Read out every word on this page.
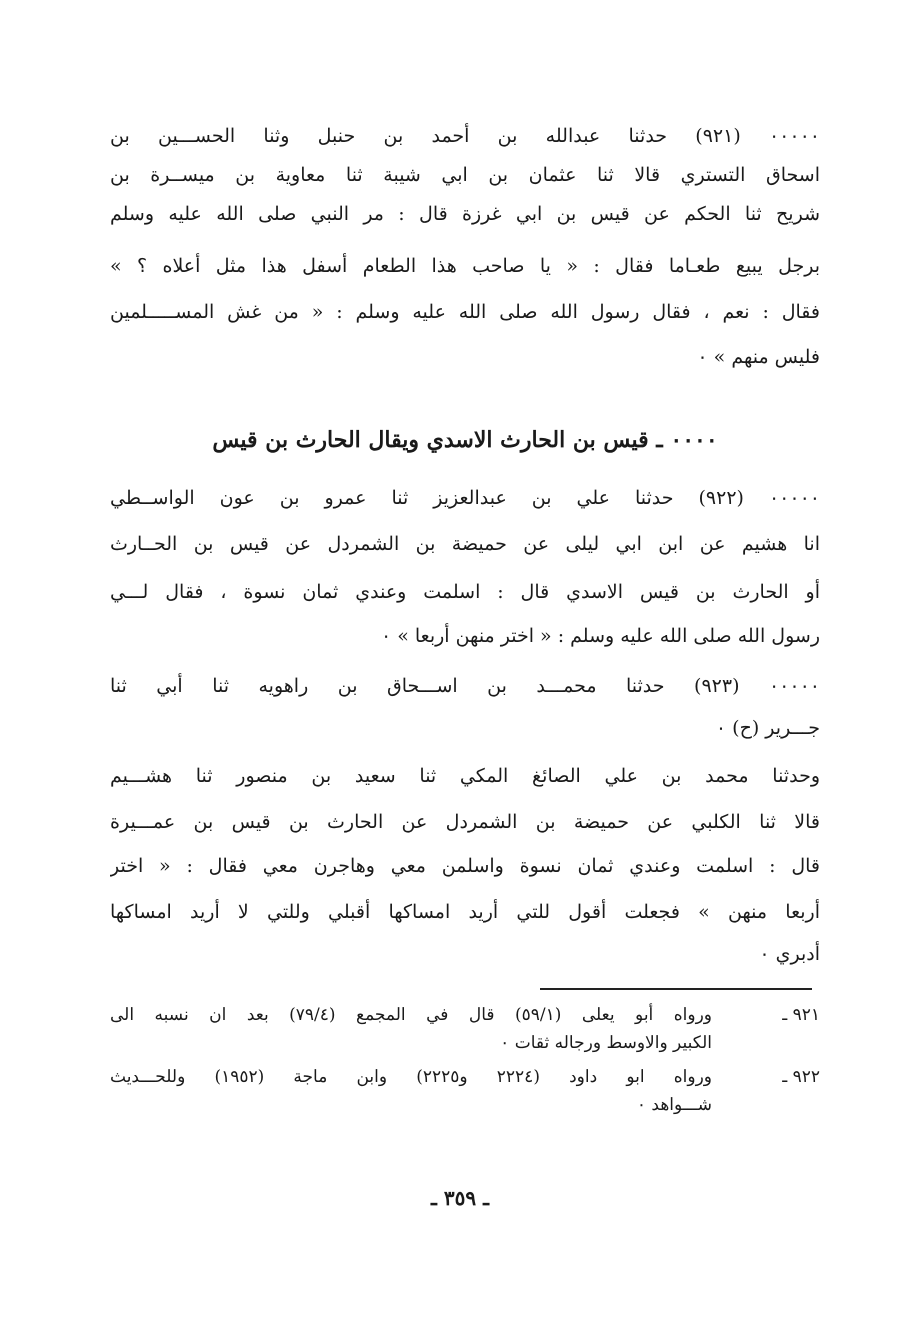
٠٠٠٠٠ (٩٢١) حدثنا عبدالله بن أحمد بن حنبل وثنا الحســـين بن
اسحاق التستري قالا ثنا عثمان بن ابي شيبة ثنا معاوية بن ميســرة بن
شريح ثنا الحكم عن قيس بن ابي غرزة قال : مر النبي صلى الله عليه وسلم
برجل يبيع طعـاما فقال : « يا صاحب هذا الطعام أسفل هذا مثل أعلاه ؟ »
فقال : نعم ، فقال رسول الله صلى الله عليه وسلم : « من غش المســـــلمين
فليس منهم » ٠
٠٠٠٠ ـ قيس بن الحارث الاسدي ويقال الحارث بن قيس
٠٠٠٠٠ (٩٢٢) حدثنا علي بن عبدالعزيز ثنا عمرو بن عون الواســطي
انا هشيم عن ابن ابي ليلى عن حميضة بن الشمردل عن قيس بن الحــارث
أو الحارث بن قيس الاسدي قال : اسلمت وعندي ثمان نسوة ، فقال لـــي
رسول الله صلى الله عليه وسلم : « اختر منهن أربعا » ٠
٠٠٠٠٠ (٩٢٣) حدثنا محمـــد بن اســـحاق بن راهويه ثنا أبي ثنا
جـــرير (ح) ٠
وحدثنا محمد بن علي الصائغ المكي ثنا سعيد بن منصور ثنا هشـــيم
قالا ثنا الكلبي عن حميضة بن الشمردل عن الحارث بن قيس بن عمـــيرة
قال : اسلمت وعندي ثمان نسوة واسلمن معي وهاجرن معي فقال : « اختر
أربعا منهن » فجعلت أقول للتي أريد امساكها أقبلي وللتي لا أريد امساكها
أدبري ٠
٩٢١ ـ
ورواه أبو يعلى (٥٩/١) قال في المجمع (٧٩/٤) بعد ان نسبه الى
الكبير والاوسط ورجاله ثقات ٠
٩٢٢ ـ
ورواه ابو داود (٢٢٢٤ و٢٢٢٥) وابن ماجة (١٩٥٢) وللحـــديث
شـــواهد ٠
ـ ٣٥٩ ـ
